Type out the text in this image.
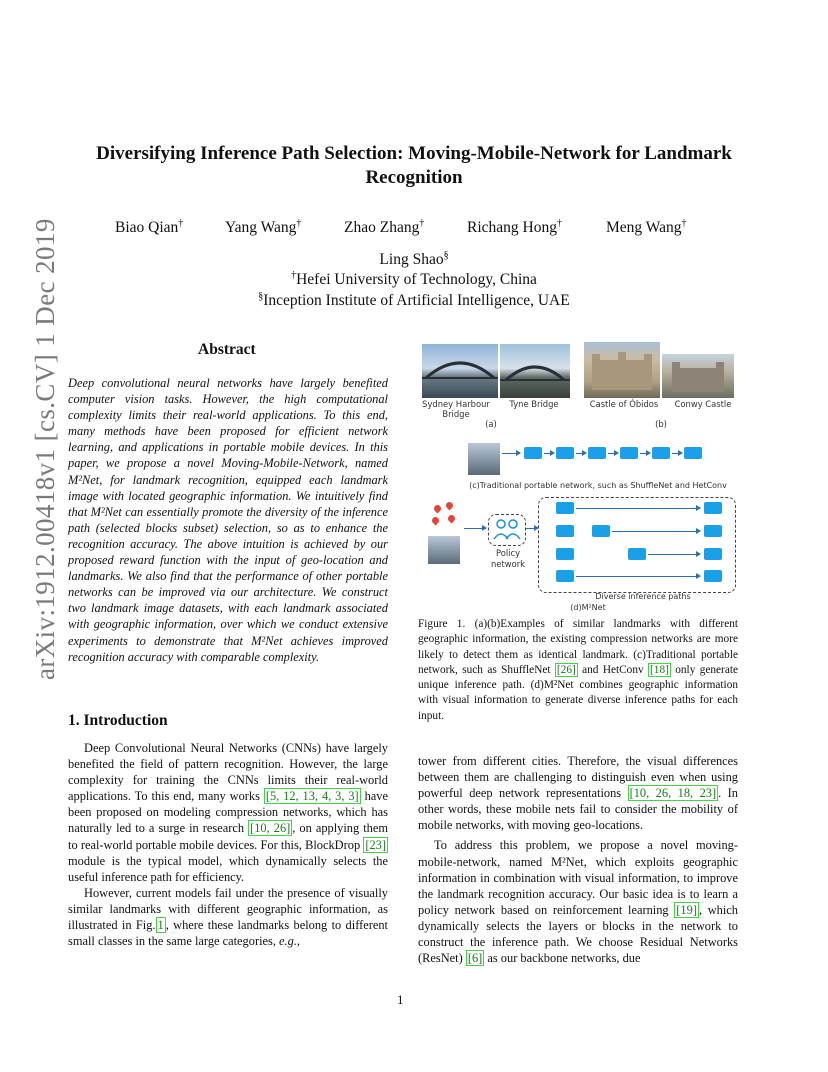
Diversifying Inference Path Selection: Moving-Mobile-Network for Landmark
Recognition
Biao Qian†	Yang Wang†	Zhao Zhang†	Richang Hong†	Meng Wang†
Ling Shao§
†Hefei University of Technology, China
§Inception Institute of Artificial Intelligence, UAE
arXiv:1912.00418v1 [cs.CV] 1 Dec 2019	Abstract
Deep convolutional neural networks have largely benefited computer vision tasks. However, the high computational complexity limits their real-world applications. To this end, many methods have been proposed for efficient network learning, and applications in portable mobile devices. In this paper, we propose a novel Moving-Mobile-Network, named M²Net, for landmark recognition, equipped each landmark image with located geographic information. We intuitively find that M²Net can essentially promote the diversity of the inference path (selected blocks subset) selection, so as to enhance the recognition accuracy. The above intuition is achieved by our proposed reward function with the input of geo-location and landmarks. We also find that the performance of other portable networks can be improved via our architecture. We construct two landmark image datasets, with each landmark associated with geographic information, over which we conduct extensive experiments to demonstrate that M²Net achieves improved recognition accuracy with comparable complexity.
1. Introduction

Deep Convolutional Neural Networks (CNNs) have largely benefited the field of pattern recognition. However, the large complexity for training the CNNs limits their real-world applications. To this end, many works [5, 12, 13, 4, 3, 3] have been proposed on modeling compression networks, which has naturally led to a surge in research [10, 26] , on applying them to real-world portable mobile devices. For this, BlockDrop [23] module is the typical model, which dynamically selects the useful inference path for efficiency.

However, current models fail under the presence of visually similar landmarks with different geographic information, as illustrated in Fig. 1 , where these landmarks belong to different small classes in the same large categories, e.g.,

tower from different cities. Therefore, the visual differences between them are challenging to distinguish even when using powerful deep network representations [10, 26, 18, 23] . In other words, these mobile nets fail to consider the mobility of mobile networks, with moving geo-locations.

To address this problem, we propose a novel moving-mobile-network, named M²Net, which exploits geographic information in combination with visual information, to improve the landmark recognition accuracy. Our basic idea is to learn a policy network based on reinforcement learning [19] , which dynamically selects the layers or blocks in the network to construct the inference path. We choose Residual Networks (ResNet) [6] as our backbone networks, due

Sydney Harbour Bridge
Tyne Bridge
(a)
Castle of Óbidos	Conwy Castle
(b)
(c)Traditional portable network, such as ShuffleNet and HetConv
Policy network
Diverse inference paths
(d)M²Net
Figure 1. (a)(b)Examples of similar landmarks with different geographic information, the existing compression networks are more likely to detect them as identical landmark. (c)Traditional portable network, such as ShuffleNet [26] and HetConv [18] only generate unique inference path. (d)M²Net combines geographic information with visual information to generate diverse inference paths for each input.
1
